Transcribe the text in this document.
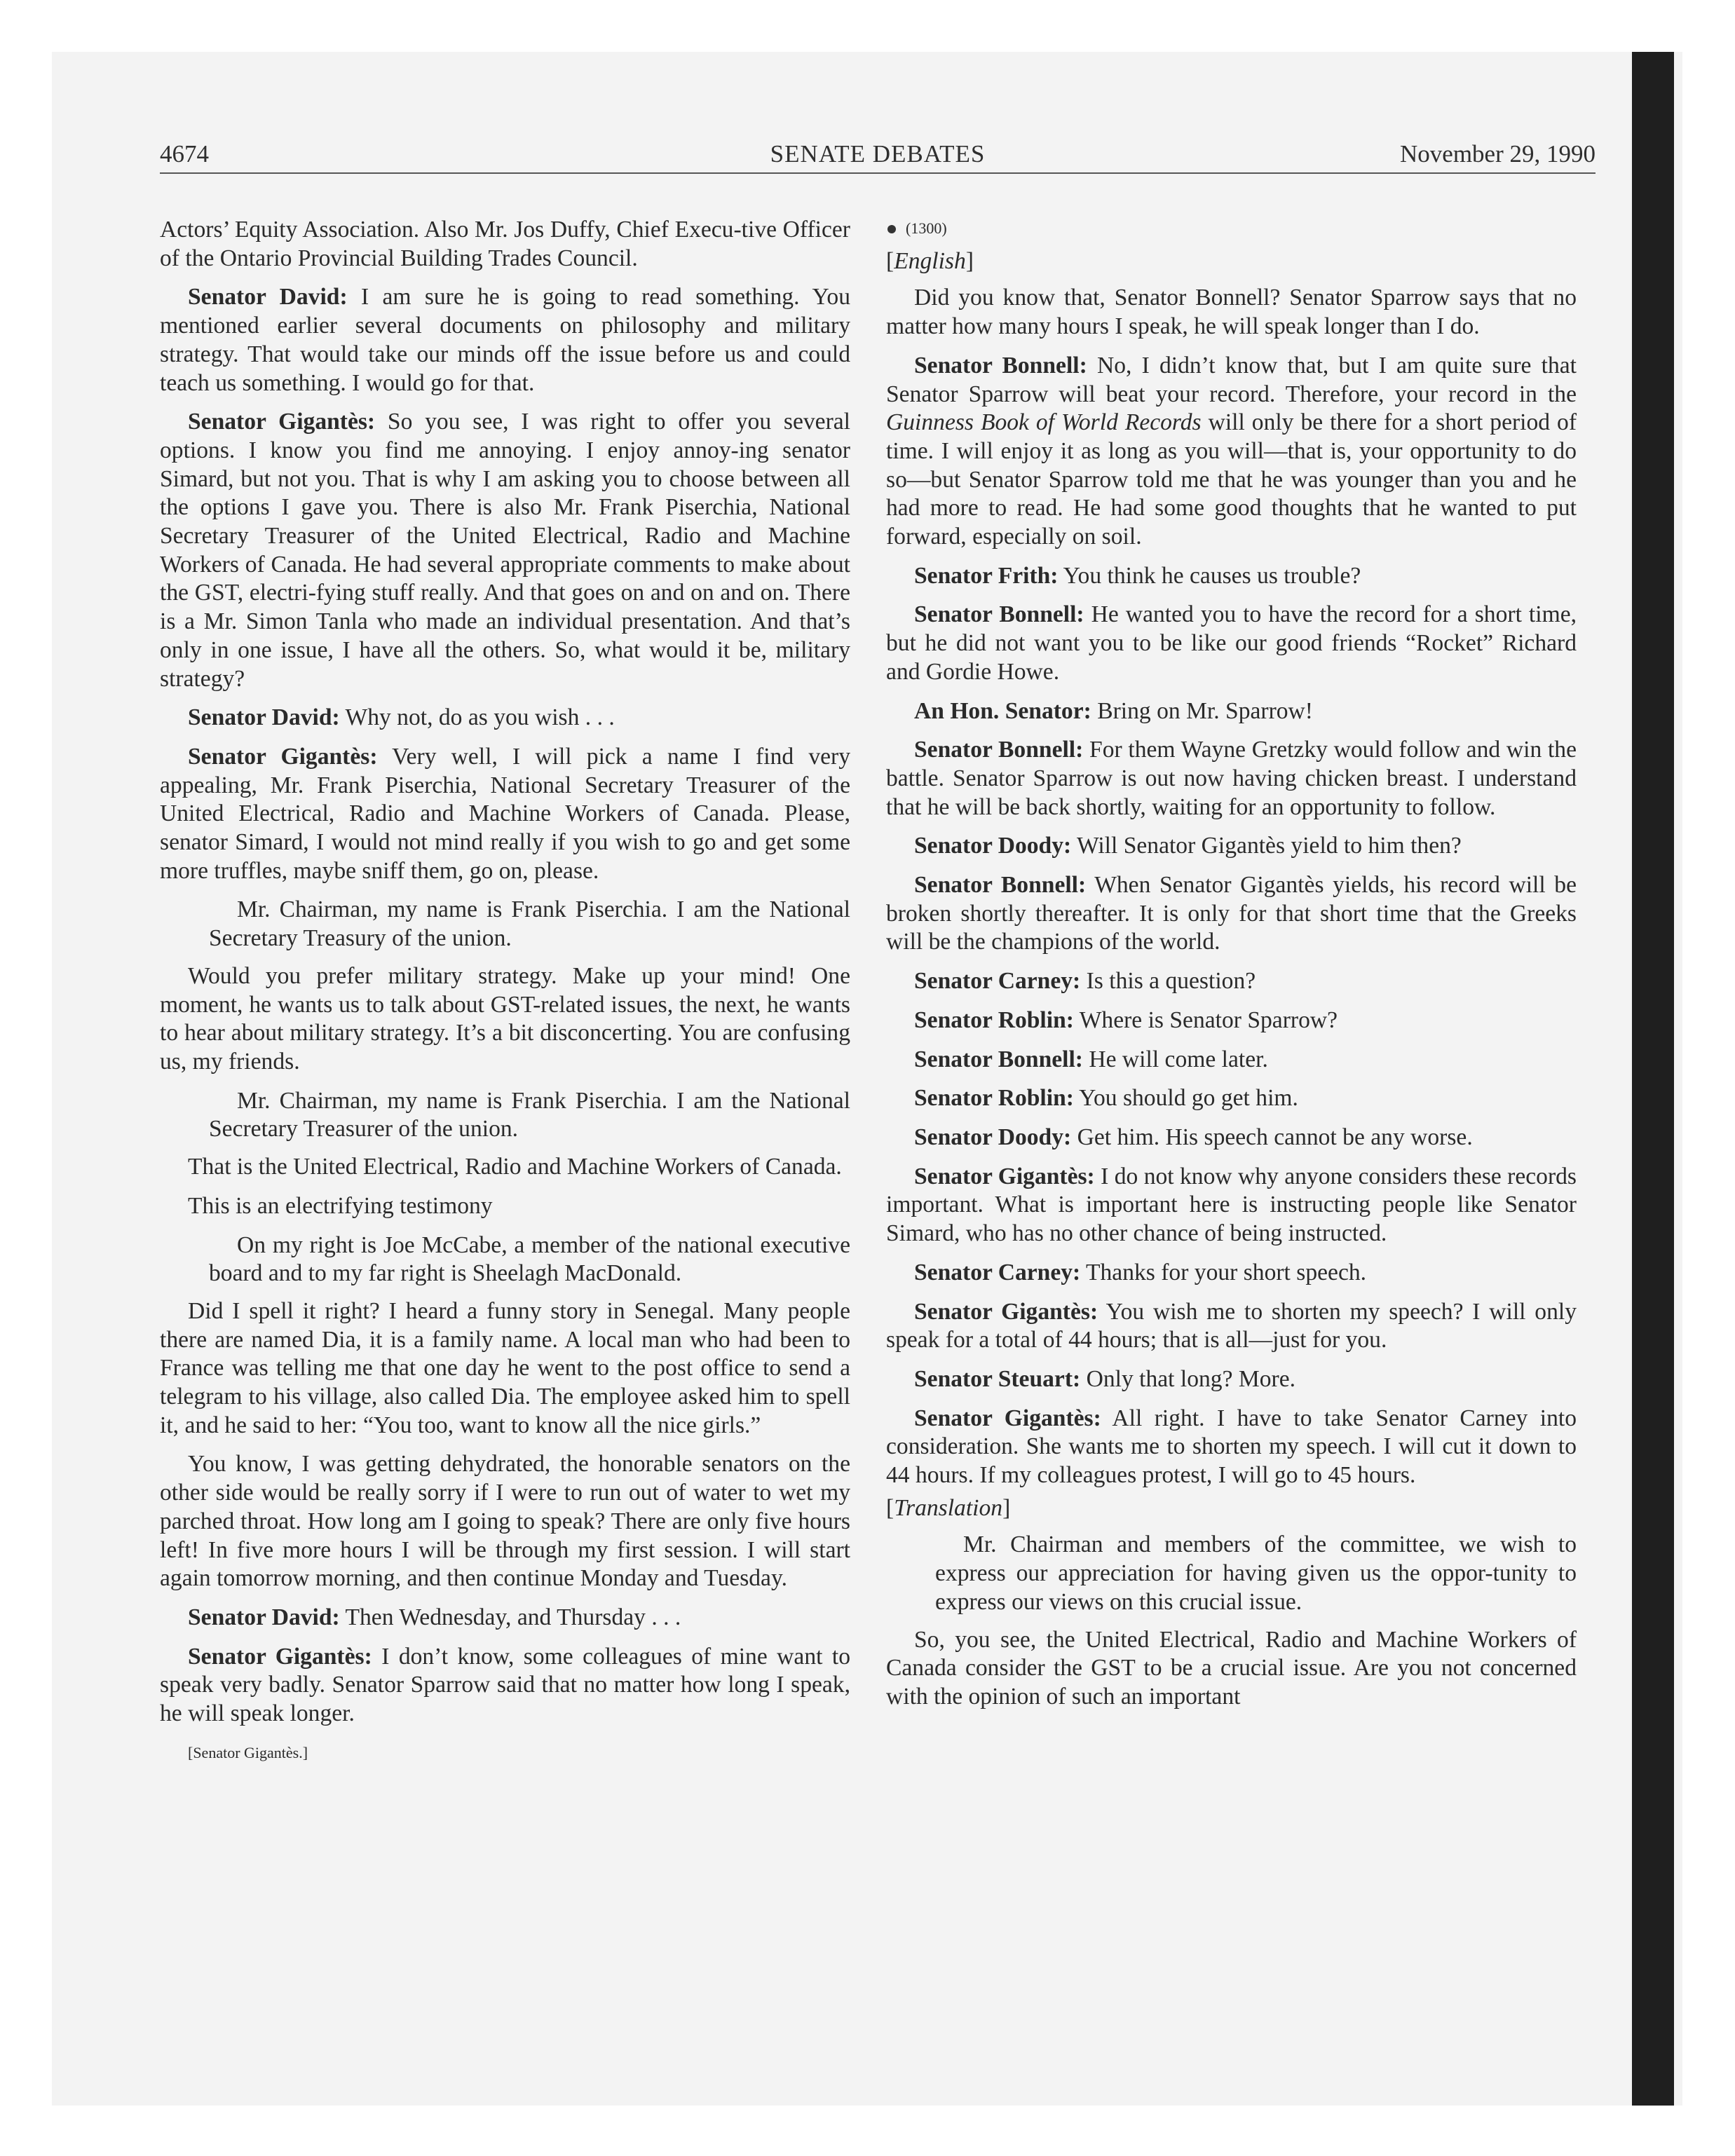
4674	SENATE DEBATES	November 29, 1990

Actors’ Equity Association. Also Mr. Jos Duffy, Chief Execu-tive Officer of the Ontario Provincial Building Trades Council.

Senator David: I am sure he is going to read something. You mentioned earlier several documents on philosophy and military strategy. That would take our minds off the issue before us and could teach us something. I would go for that.

Senator Gigantès: So you see, I was right to offer you several options. I know you find me annoying. I enjoy annoy-ing senator Simard, but not you. That is why I am asking you to choose between all the options I gave you. There is also Mr. Frank Piserchia, National Secretary Treasurer of the United Electrical, Radio and Machine Workers of Canada. He had several appropriate comments to make about the GST, electri-fying stuff really. And that goes on and on and on. There is a Mr. Simon Tanla who made an individual presentation. And that’s only in one issue, I have all the others. So, what would it be, military strategy?

Senator David: Why not, do as you wish . . .

Senator Gigantès: Very well, I will pick a name I find very appealing, Mr. Frank Piserchia, National Secretary Treasurer of the United Electrical, Radio and Machine Workers of Canada. Please, senator Simard, I would not mind really if you wish to go and get some more truffles, maybe sniff them, go on, please.

Mr. Chairman, my name is Frank Piserchia. I am the National Secretary Treasury of the union.

Would you prefer military strategy. Make up your mind! One moment, he wants us to talk about GST-related issues, the next, he wants to hear about military strategy. It’s a bit disconcerting. You are confusing us, my friends.

Mr. Chairman, my name is Frank Piserchia. I am the National Secretary Treasurer of the union.

That is the United Electrical, Radio and Machine Workers of Canada.

This is an electrifying testimony

On my right is Joe McCabe, a member of the national executive board and to my far right is Sheelagh MacDonald.

Did I spell it right? I heard a funny story in Senegal. Many people there are named Dia, it is a family name. A local man who had been to France was telling me that one day he went to the post office to send a telegram to his village, also called Dia. The employee asked him to spell it, and he said to her: “You too, want to know all the nice girls.”

You know, I was getting dehydrated, the honorable senators on the other side would be really sorry if I were to run out of water to wet my parched throat. How long am I going to speak? There are only five hours left! In five more hours I will be through my first session. I will start again tomorrow morning, and then continue Monday and Tuesday.

Senator David: Then Wednesday, and Thursday . . .

Senator Gigantès: I don’t know, some colleagues of mine want to speak very badly. Senator Sparrow said that no matter how long I speak, he will speak longer.

[Senator Gigantès.]
(1300)
[English]

Did you know that, Senator Bonnell? Senator Sparrow says that no matter how many hours I speak, he will speak longer than I do.

Senator Bonnell: No, I didn’t know that, but I am quite sure that Senator Sparrow will beat your record. Therefore, your record in the Guinness Book of World Records will only be there for a short period of time. I will enjoy it as long as you will—that is, your opportunity to do so—but Senator Sparrow told me that he was younger than you and he had more to read. He had some good thoughts that he wanted to put forward, especially on soil.

Senator Frith: You think he causes us trouble?

Senator Bonnell: He wanted you to have the record for a short time, but he did not want you to be like our good friends “Rocket” Richard and Gordie Howe.

An Hon. Senator: Bring on Mr. Sparrow!

Senator Bonnell: For them Wayne Gretzky would follow and win the battle. Senator Sparrow is out now having chicken breast. I understand that he will be back shortly, waiting for an opportunity to follow.

Senator Doody: Will Senator Gigantès yield to him then?

Senator Bonnell: When Senator Gigantès yields, his record will be broken shortly thereafter. It is only for that short time that the Greeks will be the champions of the world.

Senator Carney: Is this a question?

Senator Roblin: Where is Senator Sparrow?

Senator Bonnell: He will come later.

Senator Roblin: You should go get him.

Senator Doody: Get him. His speech cannot be any worse.

Senator Gigantès: I do not know why anyone considers these records important. What is important here is instructing people like Senator Simard, who has no other chance of being instructed.

Senator Carney: Thanks for your short speech.

Senator Gigantès: You wish me to shorten my speech? I will only speak for a total of 44 hours; that is all—just for you.

Senator Steuart: Only that long? More.

Senator Gigantès: All right. I have to take Senator Carney into consideration. She wants me to shorten my speech. I will cut it down to 44 hours. If my colleagues protest, I will go to 45 hours.

[Translation]

Mr. Chairman and members of the committee, we wish to express our appreciation for having given us the oppor-tunity to express our views on this crucial issue.

So, you see, the United Electrical, Radio and Machine Workers of Canada consider the GST to be a crucial issue. Are you not concerned with the opinion of such an important
